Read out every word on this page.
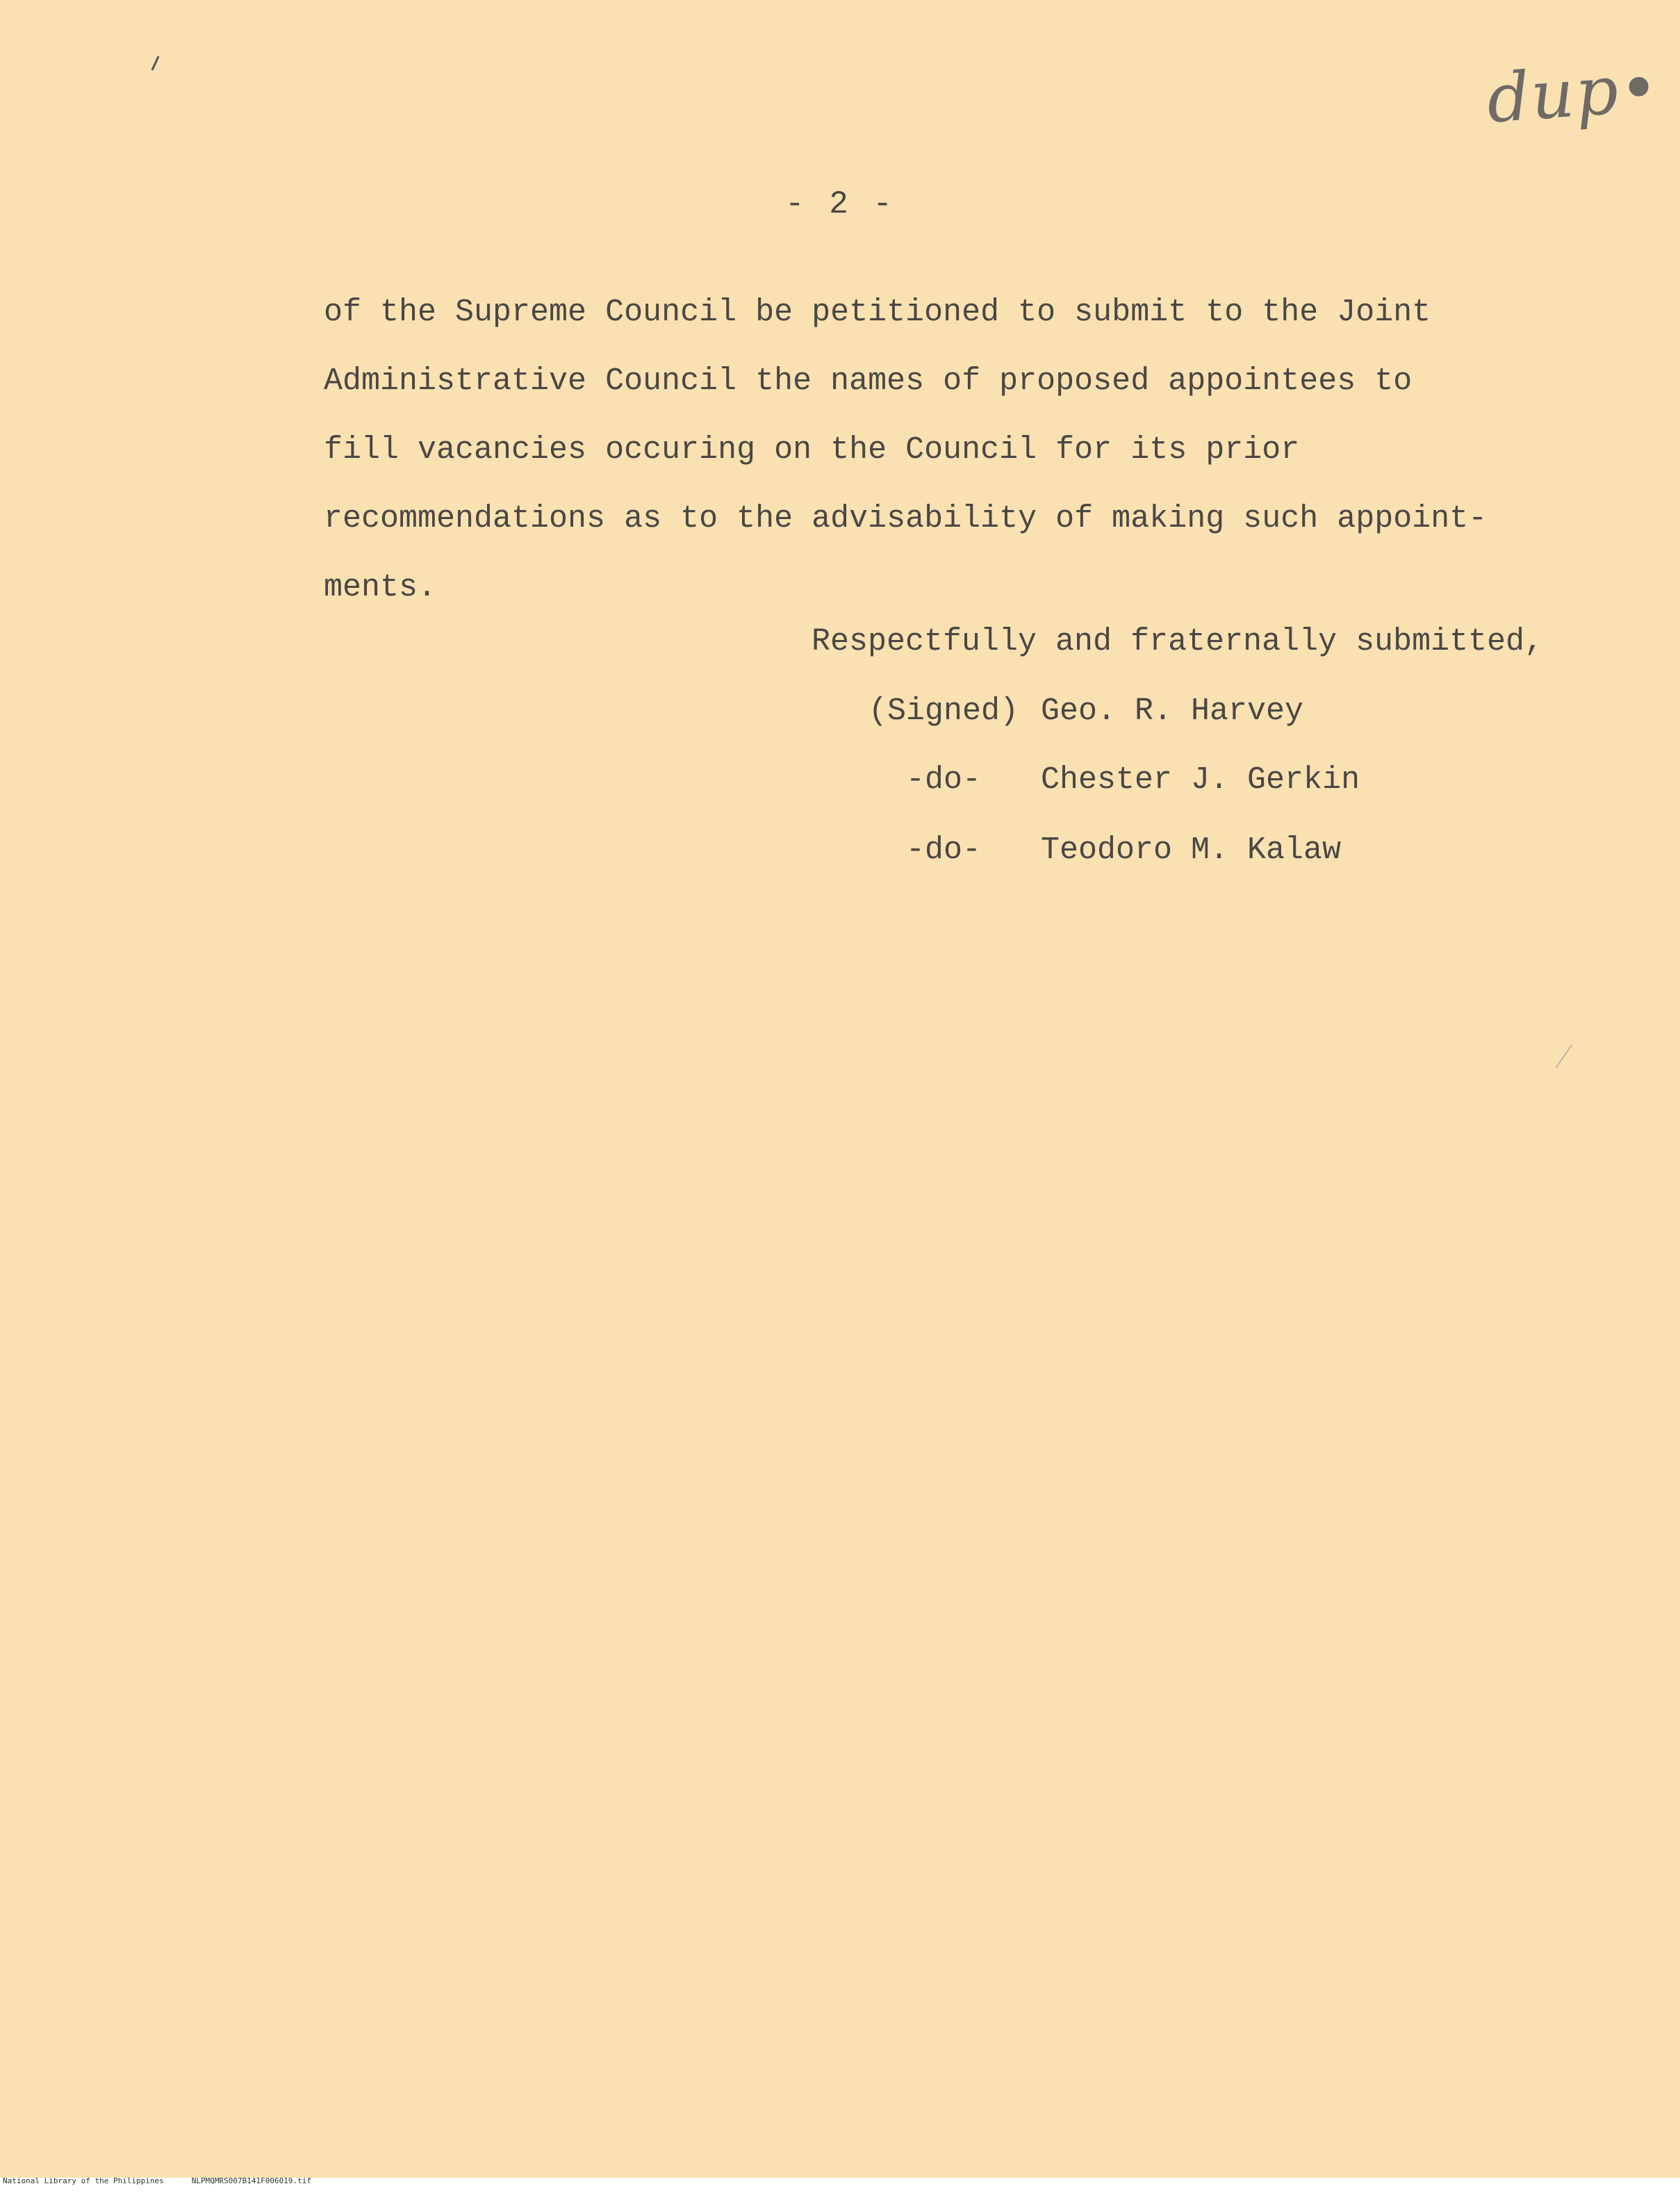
dup•
- 2 -
of the Supreme Council be petitioned to submit to the Joint
Administrative Council the names of proposed appointees to
fill vacancies occuring on the Council for its prior
recommendations as to the advisability of making such appoint-
ments.
Respectfully and fraternally submitted,
(Signed) Geo. R. Harvey
-do-	Chester J. Gerkin
-do-	Teodoro M. Kalaw
National Library of the Philippines	NLPMQMRS007B141F006019.tif
